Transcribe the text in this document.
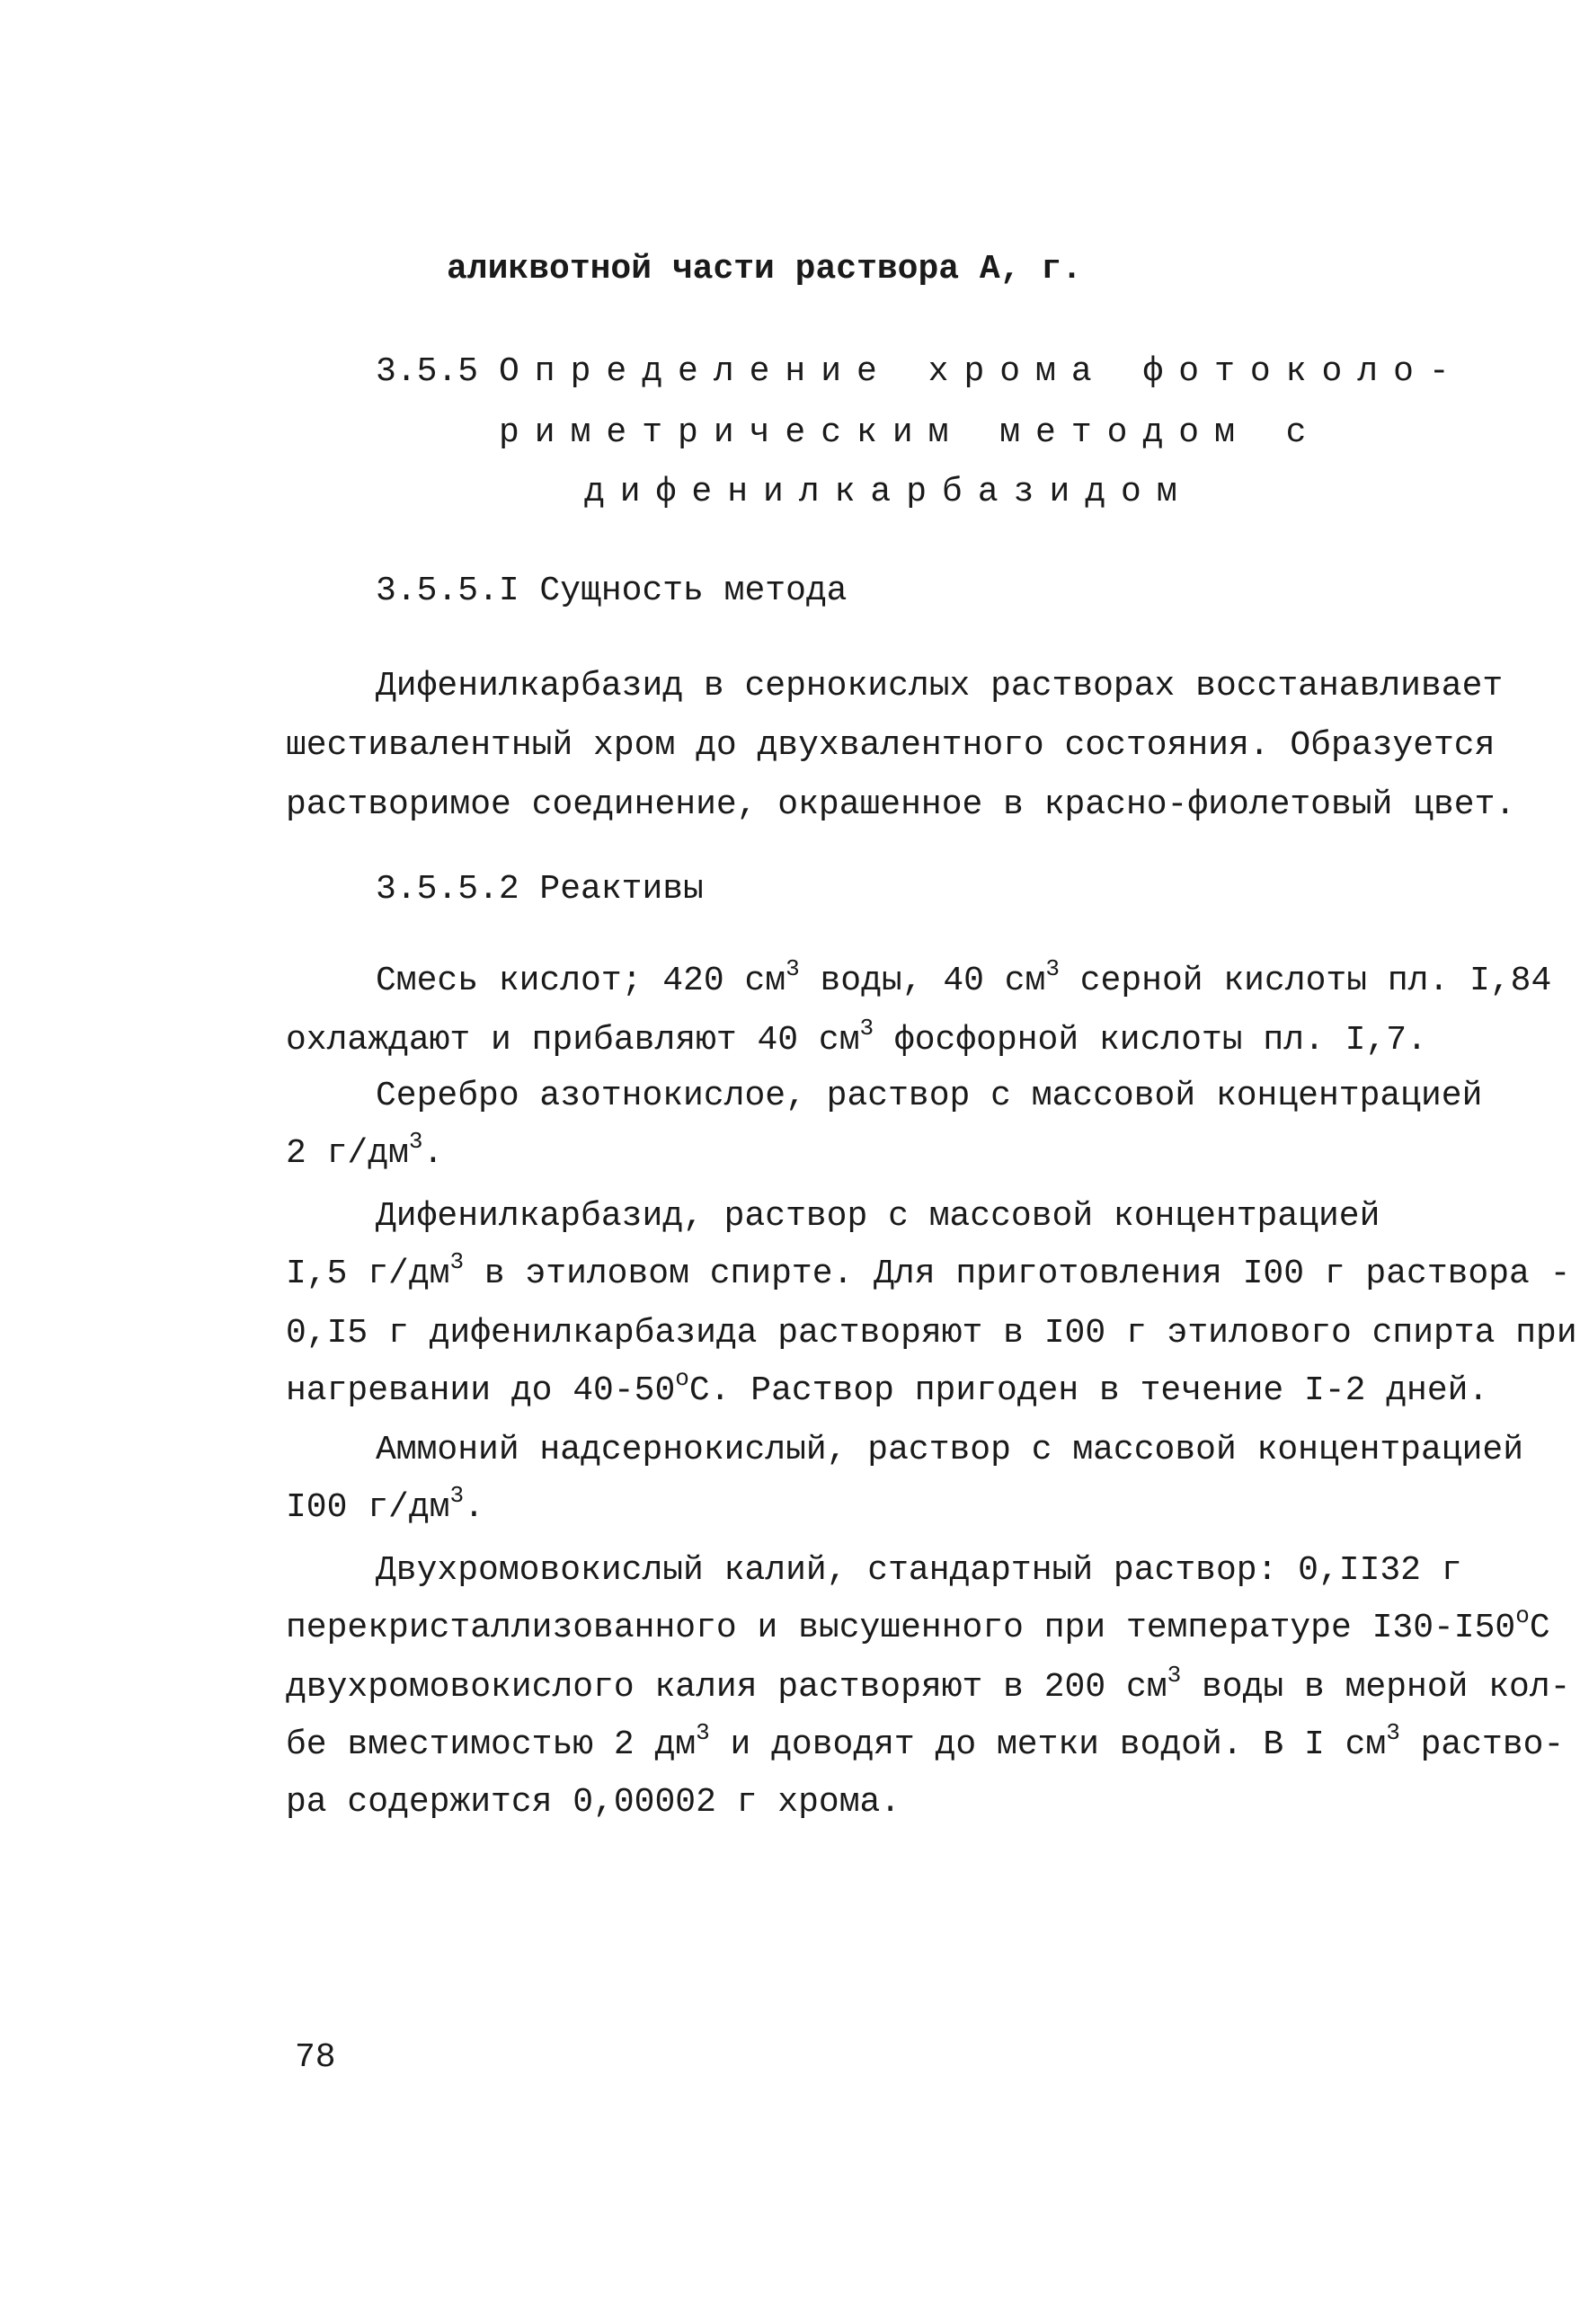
аликвотной части раствора А, г.
3.5.5 Определение хрома фотоколо-
риметрическим методом с
дифенилкарбазидом
3.5.5.I Сущность метода
Дифенилкарбазид в сернокислых растворах восстанавливает
шестивалентный хром до двухвалентного состояния. Образуется
растворимое соединение, окрашенное в красно-фиолетовый цвет.
3.5.5.2 Реактивы
Смесь кислот; 420 $см^3$ воды, 40 $см^3$ серной кислоты пл. I,84
охлаждают и прибавляют 40 $см^3$ фосфорной кислоты пл. I,7.
Серебро азотнокислое, раствор с массовой концентрацией
2 $г/дм^3$.
Дифенилкарбазид, раствор с массовой концентрацией
I,5 $г/дм^3$ в этиловом спирте. Для приготовления I00 г раствора -
0,I5 г дифенилкарбазида растворяют в I00 г этилового спирта при
нагревании до $40-50^оС$. Раствор пригоден в течение I-2 дней.
Аммоний надсернокислый, раствор с массовой концентрацией
I00 $г/дм^3$.
Двухромовокислый калий, стандартный раствор: 0,II32 г
перекристаллизованного и высушенного при температуре $I30-I50^оС$
двухромовокислого калия растворяют в 200 $см^3$ воды в мерной кол-
бе вместимостью 2 $дм^3$ и доводят до метки водой. В I $см^3$ раство-
ра содержится 0,00002 г хрома.
78
